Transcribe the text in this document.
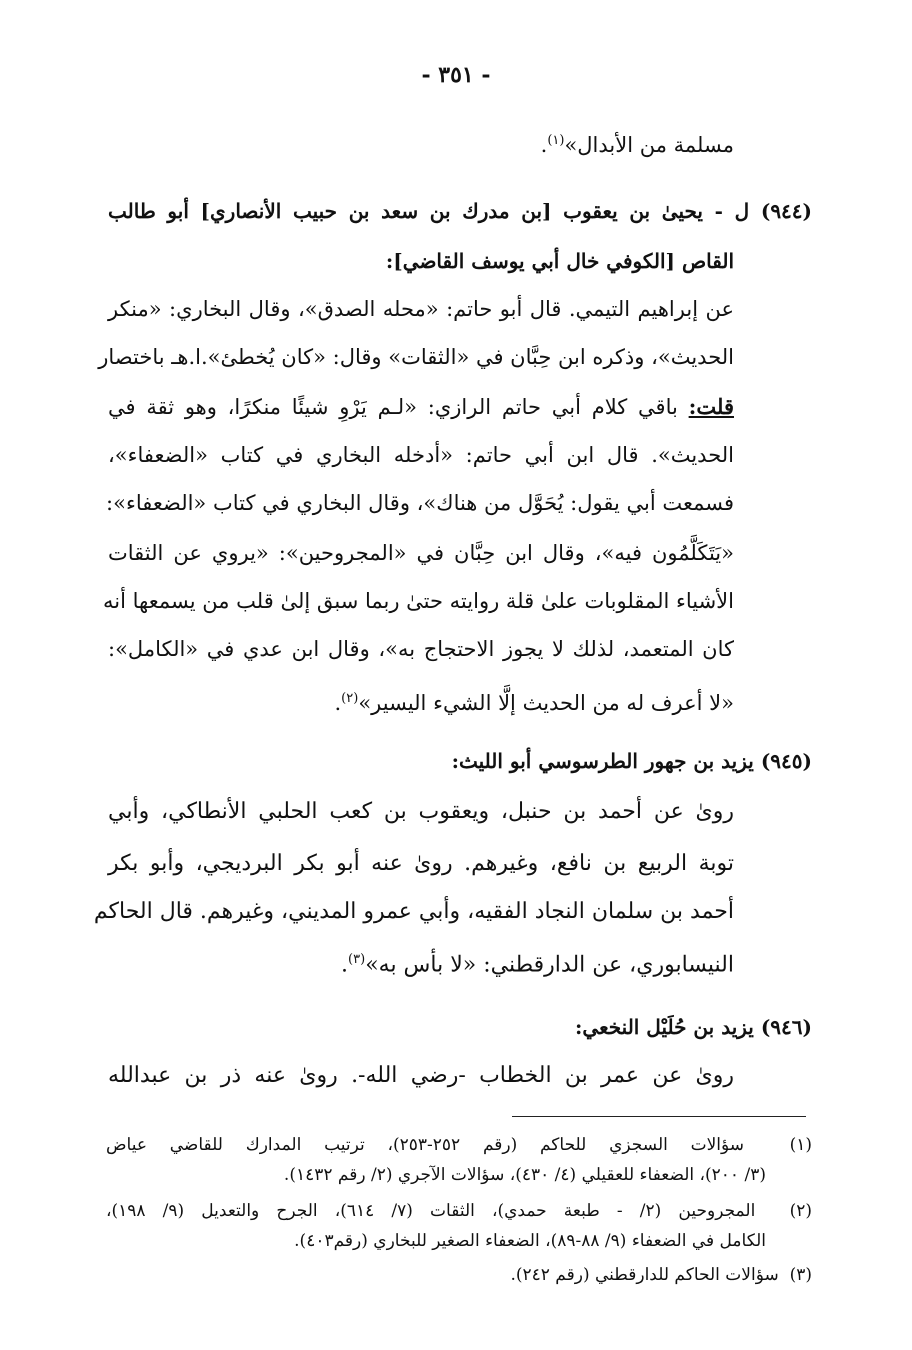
- ٣٥١ -
مسلمة من الأبدال»$^{(١)}$.
(٩٤٤) ل - يحيىٰ بن يعقوب [بن مدرك بن سعد بن حبيب الأنصاري] أبو طالب
القاص [الكوفي خال أبي يوسف القاضي]:
عن إبراهيم التيمي. قال أبو حاتم: «محله الصدق»، وقال البخاري: «منكر
الحديث»، وذكره ابن حِبَّان في «الثقات» وقال: «كان يُخطئ».ا.هـ باختصار
قلت: باقي كلام أبي حاتم الرازي: «لـم يَرْوِ شيئًا منكرًا، وهو ثقة في
الحديث». قال ابن أبي حاتم: «أدخله البخاري في كتاب «الضعفاء»،
فسمعت أبي يقول: يُحَوَّل من هناك»، وقال البخاري في كتاب «الضعفاء»:
«يَتَكَلَّمُون فيه»، وقال ابن حِبَّان في «المجروحين»: «يروي عن الثقات
الأشياء المقلوبات علىٰ قلة روايته حتىٰ ربما سبق إلىٰ قلب من يسمعها أنه
كان المتعمد، لذلك لا يجوز الاحتجاج به»، وقال ابن عدي في «الكامل»:
«لا أعرف له من الحديث إلَّا الشيء اليسير»$^{(٢)}$.
(٩٤٥) يزيد بن جهور الطرسوسي أبو الليث:
روىٰ عن أحمد بن حنبل، ويعقوب بن كعب الحلبي الأنطاكي، وأبي
توبة الربيع بن نافع، وغيرهم. روىٰ عنه أبو بكر البرديجي، وأبو بكر
أحمد بن سلمان النجاد الفقيه، وأبي عمرو المديني، وغيرهم. قال الحاكم
النيسابوري، عن الدارقطني: «لا بأس به»$^{(٣)}$.
(٩٤٦) يزيد بن حُلَيْل النخعي:
روىٰ عن عمر بن الخطاب -رضي الله-. روىٰ عنه ذر بن عبدالله
(١)  سؤالات السجزي للحاكم (رقم ٢٥٢-٢٥٣)، ترتيب المدارك للقاضي عياض
(٣/ ٢٠٠)، الضعفاء للعقيلي (٤/ ٤٣٠)، سؤالات الآجري (٢/ رقم ١٤٣٢).
(٢)  المجروحين (٢/ - طبعة حمدي)، الثقات (٧/ ٦١٤)، الجرح والتعديل (٩/ ١٩٨)،
الكامل في الضعفاء (٩/ ٨٨-٨٩)، الضعفاء الصغير للبخاري (رقم٤٠٣).
(٣)  سؤالات الحاكم للدارقطني (رقم ٢٤٢).
